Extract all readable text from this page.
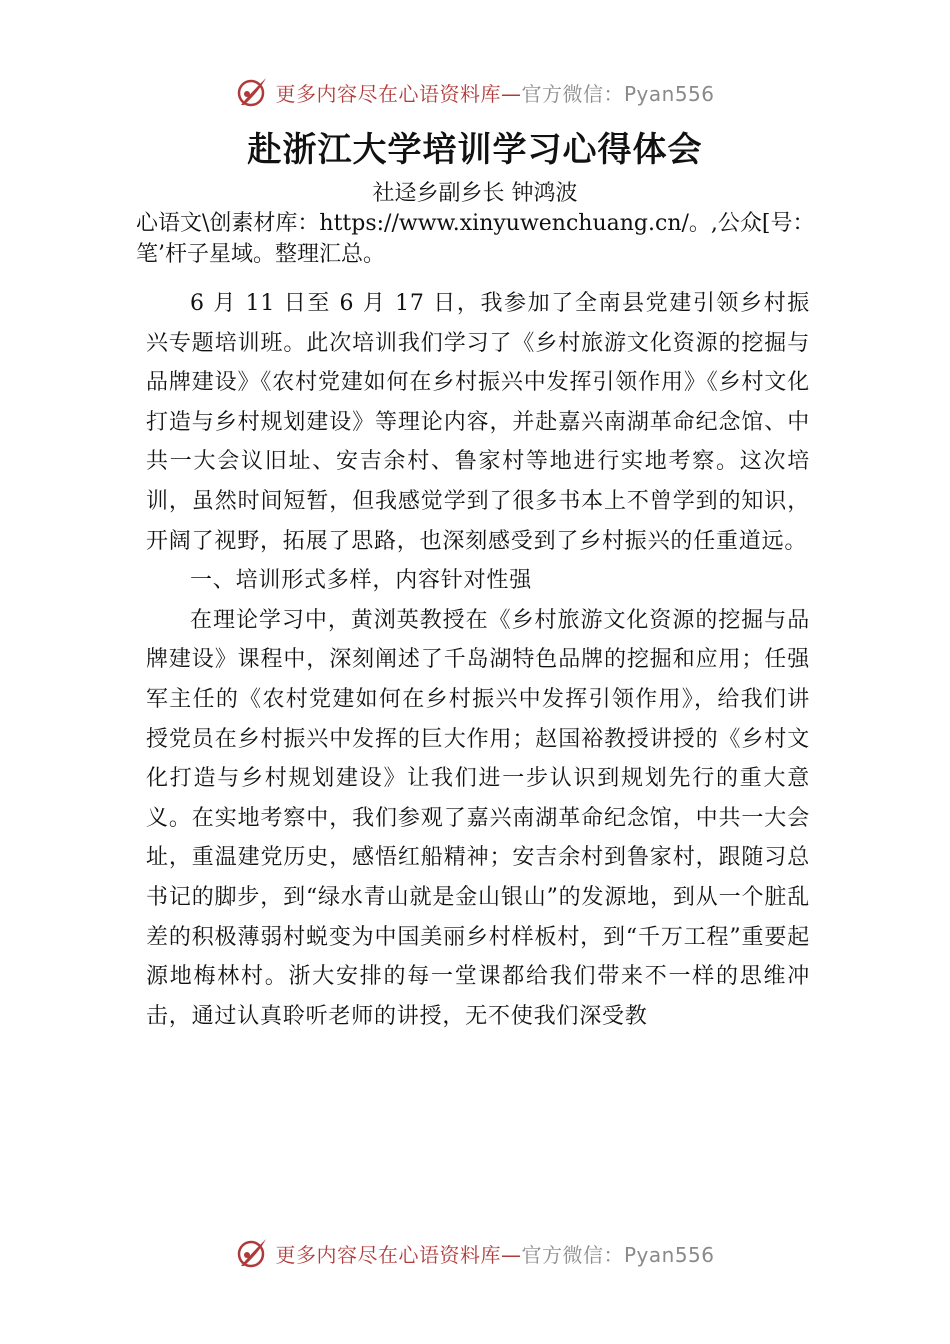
更多内容尽在心语资料库—官方微信：Pyan556
赴浙江大学培训学习心得体会
社迳乡副乡长 钟鸿波
心语文\创素材库：https://www.xinyuwenchuang.cn/。,公众[号：笔’杆子星域。整理汇总。

6 月 11 日至 6 月 17 日，我参加了全南县党建引领乡村振兴专题培训班。此次培训我们学习了《乡村旅游文化资源的挖掘与品牌建设》《农村党建如何在乡村振兴中发挥引领作用》《乡村文化打造与乡村规划建设》等理论内容，并赴嘉兴南湖革命纪念馆、中共一大会议旧址、安吉余村、鲁家村等地进行实地考察。这次培训，虽然时间短暂，但我感觉学到了很多书本上不曾学到的知识，开阔了视野，拓展了思路，也深刻感受到了乡村振兴的任重道远。

一、培训形式多样，内容针对性强

在理论学习中，黄浏英教授在《乡村旅游文化资源的挖掘与品牌建设》课程中，深刻阐述了千岛湖特色品牌的挖掘和应用；任强军主任的《农村党建如何在乡村振兴中发挥引领作用》，给我们讲授党员在乡村振兴中发挥的巨大作用；赵国裕教授讲授的《乡村文化打造与乡村规划建设》让我们进一步认识到规划先行的重大意义。在实地考察中，我们参观了嘉兴南湖革命纪念馆，中共一大会址，重温建党历史，感悟红船精神；安吉余村到鲁家村，跟随习总书记的脚步，到“绿水青山就是金山银山”的发源地，到从一个脏乱差的积极薄弱村蜕变为中国美丽乡村样板村，到“千万工程”重要起源地梅林村。浙大安排的每一堂课都给我们带来不一样的思维冲击，通过认真聆听老师的讲授，无不使我们深受教

更多内容尽在心语资料库—官方微信：Pyan556
